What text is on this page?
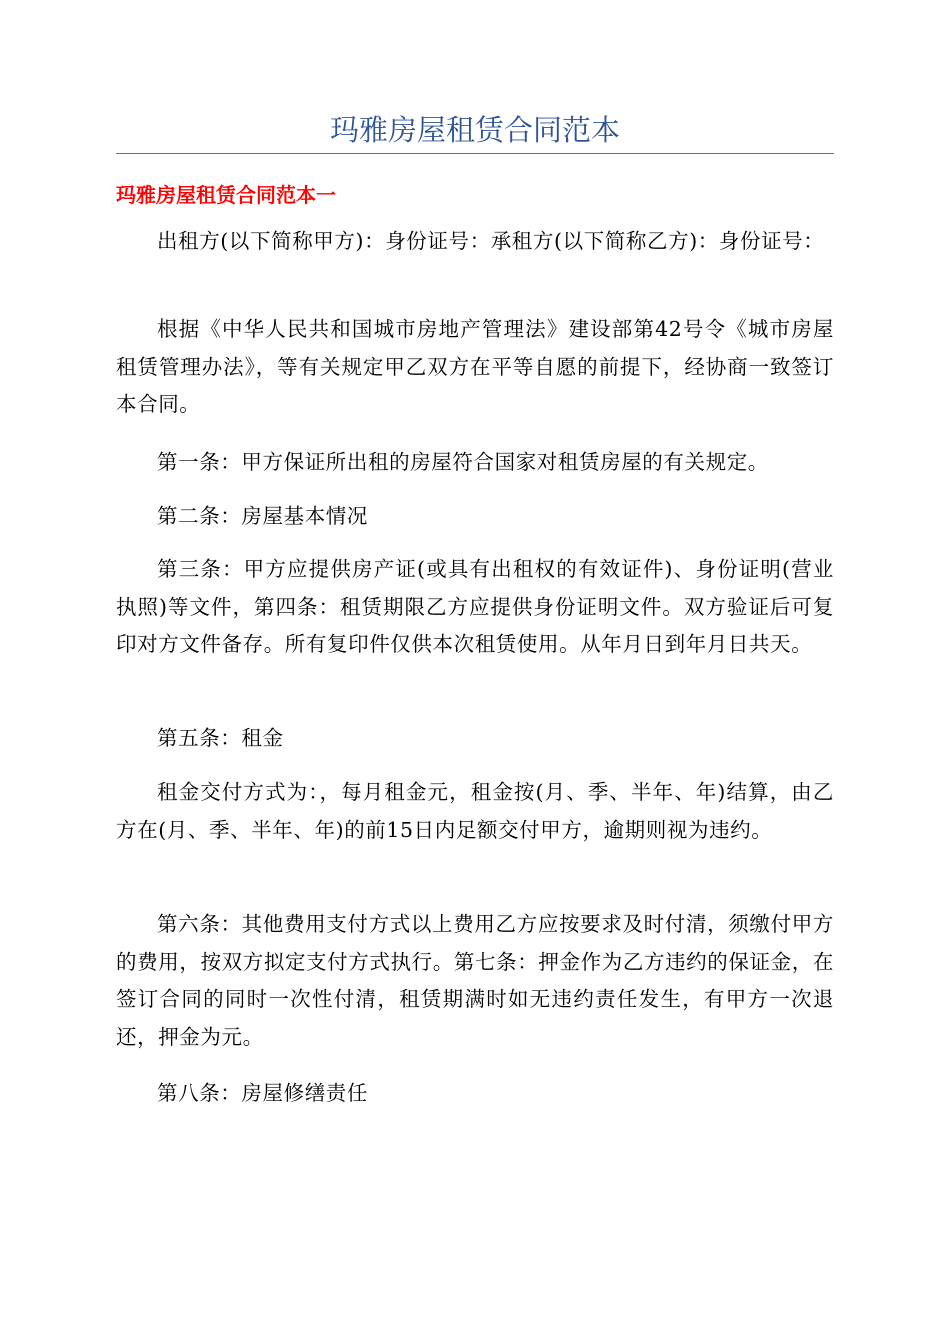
玛雅房屋租赁合同范本
玛雅房屋租赁合同范本一

出租方(以下简称甲方)：身份证号：承租方(以下简称乙方)：身份证号：

根据《中华人民共和国城市房地产管理法》建设部第42号令《城市房屋租赁管理办法》，等有关规定甲乙双方在平等自愿的前提下，经协商一致签订本合同。

第一条：甲方保证所出租的房屋符合国家对租赁房屋的有关规定。

第二条：房屋基本情况

第三条：甲方应提供房产证(或具有出租权的有效证件)、身份证明(营业执照)等文件，第四条：租赁期限乙方应提供身份证明文件。双方验证后可复印对方文件备存。所有复印件仅供本次租赁使用。从年月日到年月日共天。

第五条：租金

租金交付方式为：，每月租金元，租金按(月、季、半年、年)结算，由乙方在(月、季、半年、年)的前15日内足额交付甲方，逾期则视为违约。

第六条：其他费用支付方式以上费用乙方应按要求及时付清，须缴付甲方的费用，按双方拟定支付方式执行。第七条：押金作为乙方违约的保证金，在签订合同的同时一次性付清，租赁期满时如无违约责任发生，有甲方一次退还，押金为元。

第八条：房屋修缮责任
